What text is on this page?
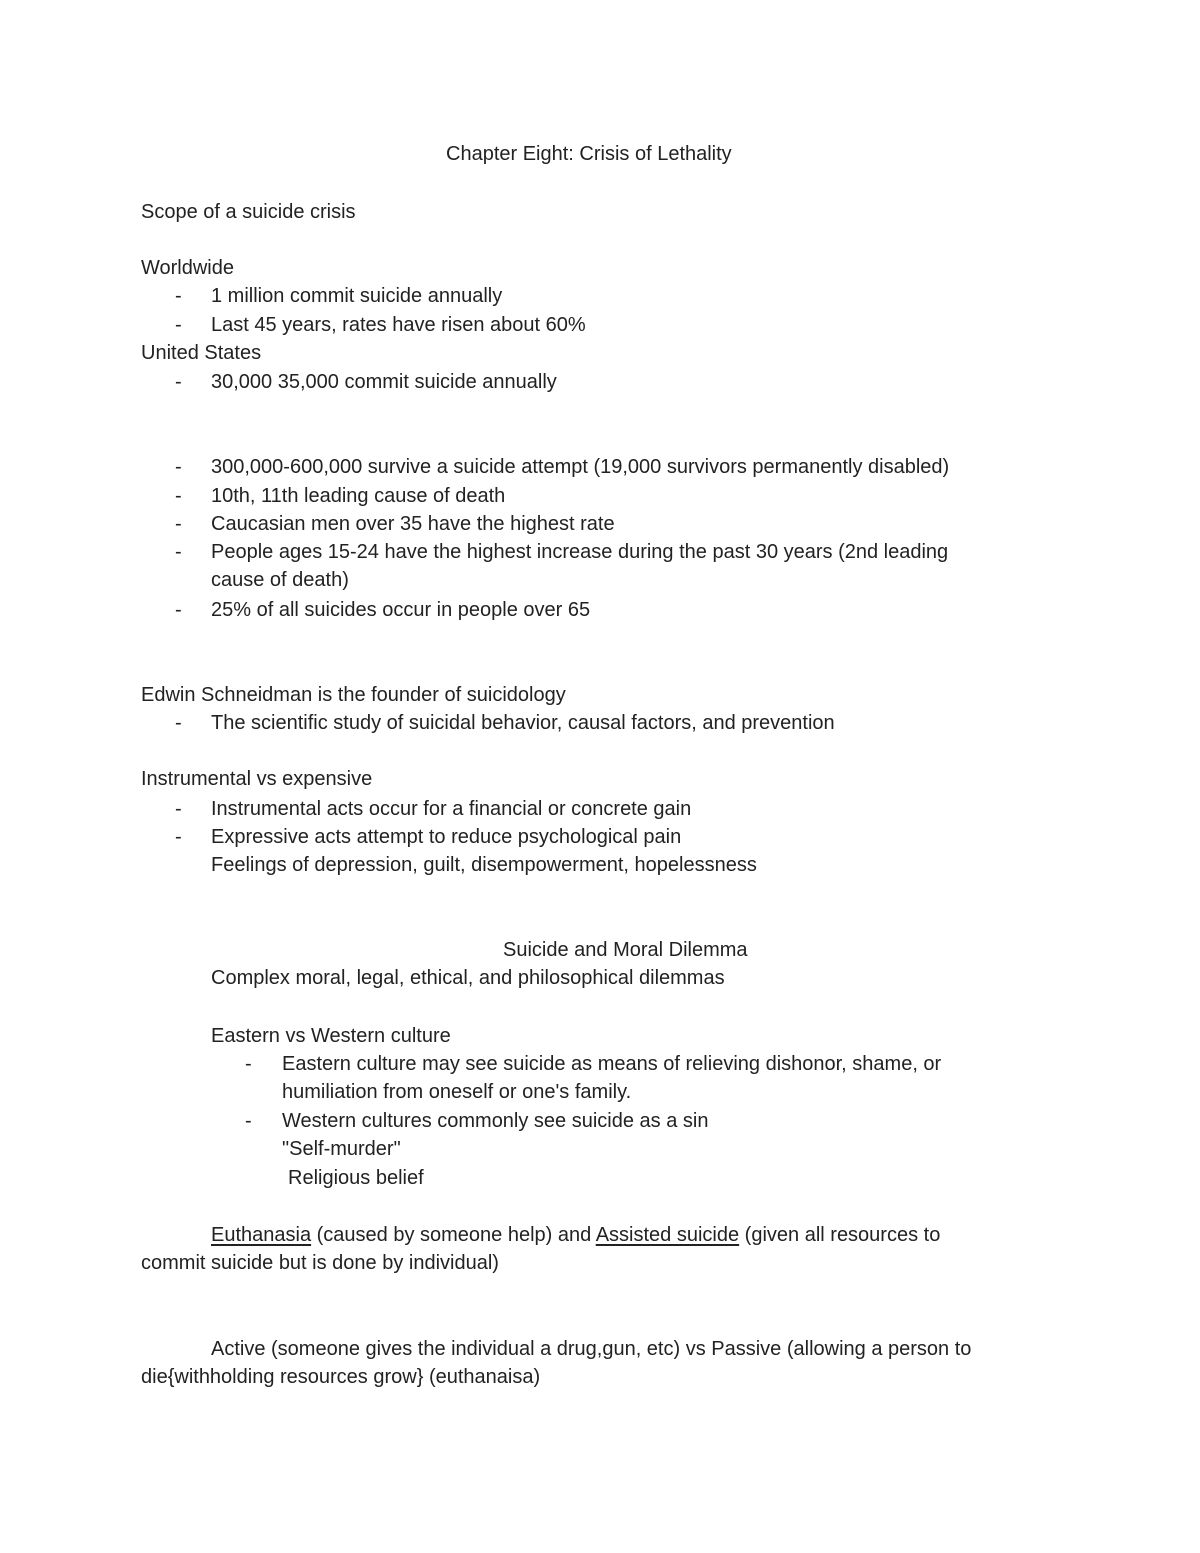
Chapter Eight: Crisis of Lethality

Scope of a suicide crisis

Worldwide

- 1 million commit suicide annually

- Last 45 years, rates have risen about 60%

United States

- 30,000 35,000 commit suicide annually

- 300,000-600,000 survive a suicide attempt (19,000 survivors permanently disabled)

- 10th, 11th leading cause of death

- Caucasian men over 35 have the highest rate

- People ages 15-24 have the highest increase during the past 30 years (2nd leading

cause of death)

- 25% of all suicides occur in people over 65

Edwin Schneidman is the founder of suicidology

- The scientific study of suicidal behavior, causal factors, and prevention

Instrumental vs expensive

- Instrumental acts occur for a financial or concrete gain

- Expressive acts attempt to reduce psychological pain

Feelings of depression, guilt, disempowerment, hopelessness

Suicide and Moral Dilemma

Complex moral, legal, ethical, and philosophical dilemmas

Eastern vs Western culture

- Eastern culture may see suicide as means of relieving dishonor, shame, or

humiliation from oneself or one's family.

- Western cultures commonly see suicide as a sin

"Self-murder"

Religious belief

Euthanasia (caused by someone help) and Assisted suicide (given all resources to

commit suicide but is done by individual)

Active (someone gives the individual a drug,gun, etc) vs Passive (allowing a person to

die{withholding resources grow} (euthanaisa)
